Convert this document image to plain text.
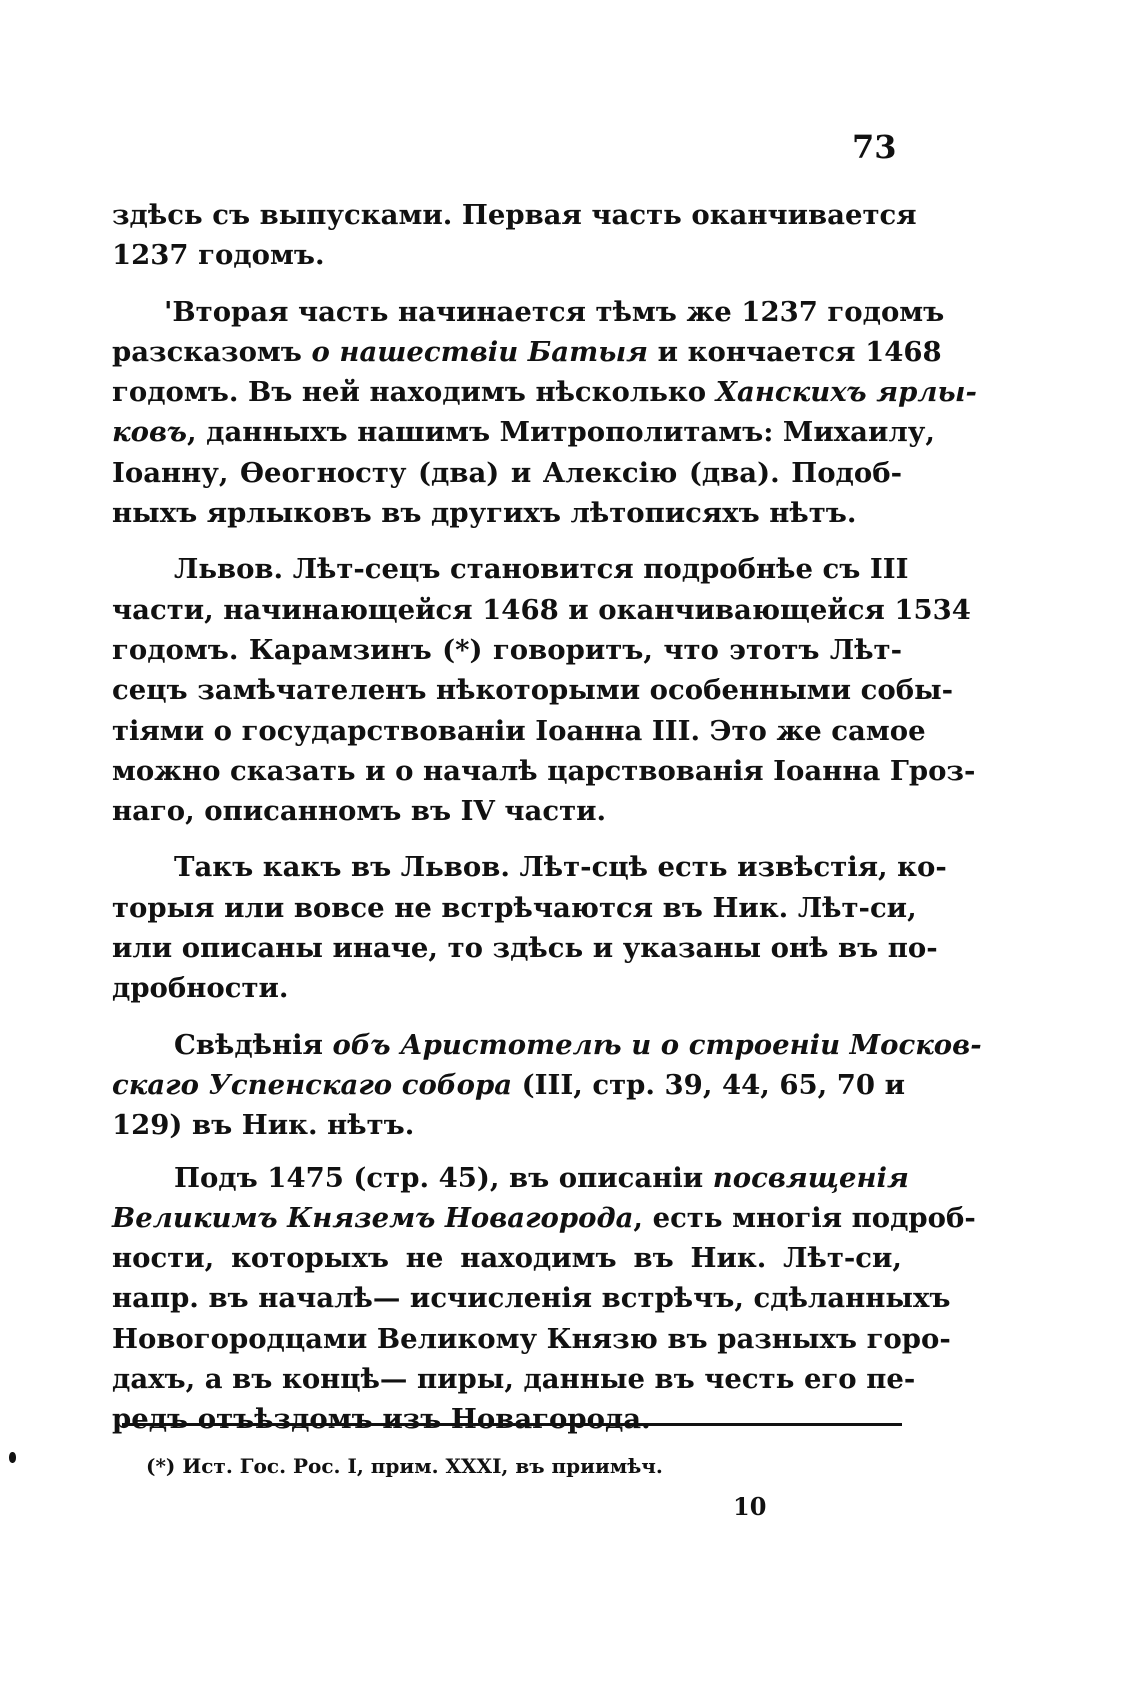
73
здѣсь съ выпусками. Первая часть оканчивается
1237 годомъ.
'Вторая часть начинается тѣмъ же 1237 годомъ
разсказомъ о нашествіи Батыя и кончается 1468
годомъ. Въ ней находимъ нѣсколько Ханскихъ ярлы-
ковъ, данныхъ нашимъ Митрополитамъ: Михаилу,
Іоанну, Ѳеогносту (два) и Алексію (два). Подоб-
ныхъ ярлыковъ въ другихъ лѣтописяхъ нѣтъ.
Львов. Лѣт-сецъ становится подробнѣе съ III
части, начинающейся 1468 и оканчивающейся 1534
годомъ. Карамзинъ (*) говоритъ, что этотъ Лѣт-
сецъ замѣчателенъ нѣкоторыми особенными собы-
тіями о государствованіи Іоанна III. Это же самое
можно сказать и о началѣ царствованія Іоанна Гроз-
наго, описанномъ въ IV части.
Такъ какъ въ Львов. Лѣт-сцѣ есть извѣстія, ко-
торыя или вовсе не встрѣчаются въ Ник. Лѣт-си,
или описаны иначе, то здѣсь и указаны онѣ въ по-
дробности.
Свѣдѣнія объ Аристотелѣ и о строеніи Москов-
скаго Успенскаго собора (III, стр. 39, 44, 65, 70 и
129) въ Ник. нѣтъ.
Подъ 1475 (стр. 45), въ описаніи посвященія
Великимъ Княземъ Новагорода, есть многія подроб-
ности, которыхъ не находимъ въ Ник. Лѣт-си,
напр. въ началѣ— исчисленія встрѣчъ, сдѣланныхъ
Новогородцами Великому Князю въ разныхъ горо-
дахъ, а въ концѣ— пиры, данные въ честь его пе-
редъ отъѣздомъ изъ Новагорода.
(*) Ист. Гос. Рос. I, прим. XXXI, въ приимѣч.
10
